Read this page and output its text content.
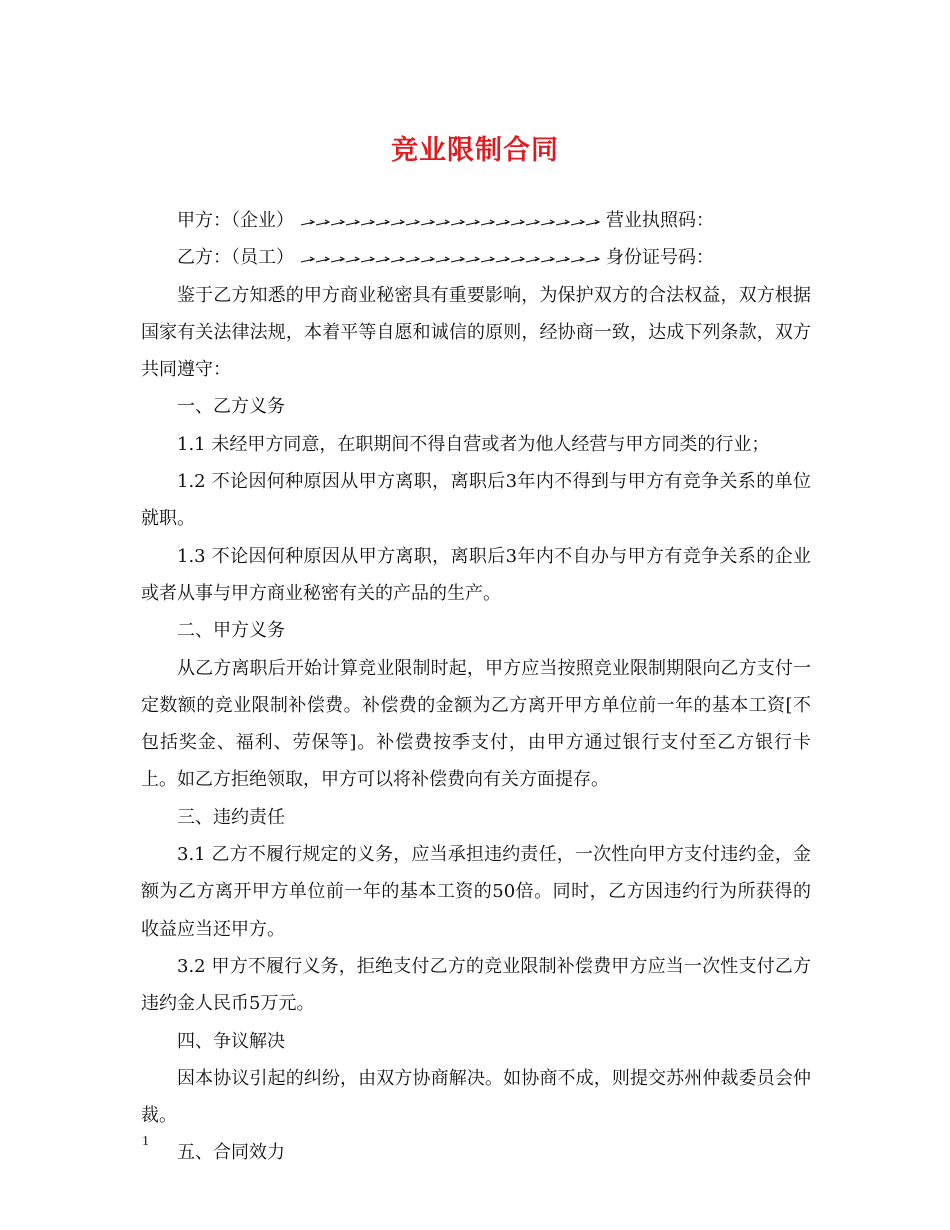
竞业限制合同

甲方：（企业）	营业执照码：

乙方：（员工）	身份证号码：

鉴于乙方知悉的甲方商业秘密具有重要影响，为保护双方的合法权益，双方根据国家有关法律法规，本着平等自愿和诚信的原则，经协商一致，达成下列条款，双方共同遵守：

一、乙方义务

1.1 未经甲方同意，在职期间不得自营或者为他人经营与甲方同类的行业；

1.2 不论因何种原因从甲方离职，离职后3年内不得到与甲方有竞争关系的单位就职。

1.3 不论因何种原因从甲方离职，离职后3年内不自办与甲方有竞争关系的企业或者从事与甲方商业秘密有关的产品的生产。

二、甲方义务

从乙方离职后开始计算竞业限制时起，甲方应当按照竞业限制期限向乙方支付一定数额的竞业限制补偿费。补偿费的金额为乙方离开甲方单位前一年的基本工资[不包括奖金、福利、劳保等]。补偿费按季支付，由甲方通过银行支付至乙方银行卡上。如乙方拒绝领取，甲方可以将补偿费向有关方面提存。

三、违约责任

3.1 乙方不履行规定的义务，应当承担违约责任，一次性向甲方支付违约金，金额为乙方离开甲方单位前一年的基本工资的50倍。同时，乙方因违约行为所获得的收益应当还甲方。

3.2 甲方不履行义务，拒绝支付乙方的竞业限制补偿费甲方应当一次性支付乙方违约金人民币5万元。

四、争议解决

因本协议引起的纠纷，由双方协商解决。如协商不成，则提交苏州仲裁委员会仲裁。

五、合同效力

1
